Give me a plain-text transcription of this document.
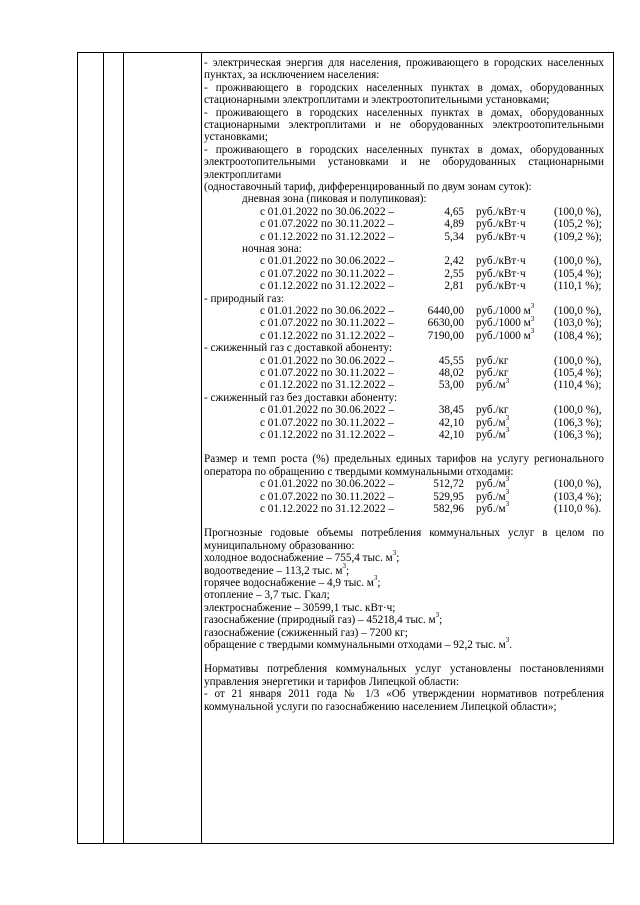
- электрическая энергия для населения, проживающего в городских населенных пунктах, за исключением населения:

- проживающего в городских населенных пунктах в домах, оборудованных стационарными электроплитами и электроотопительными установками;

- проживающего в городских населенных пунктах в домах, оборудованных стационарными электроплитами и не оборудованных электроотопительными установками;

- проживающего в городских населенных пунктах в домах, оборудованных электроотопительными установками и не оборудованных стационарными электроплитами

(одноставочный тариф, дифференцированный по двум зонам суток):

дневная зона (пиковая и полупиковая):

с 01.01.2022 по 30.06.2022 –	4,65	руб./кВт·ч	(100,0 %),
с 01.07.2022 по 30.11.2022 –	4,89	руб./кВт·ч	(105,2 %);
с 01.12.2022 по 31.12.2022 –	5,34	руб./кВт·ч	(109,2 %);

ночная зона:

с 01.01.2022 по 30.06.2022 –	2,42	руб./кВт·ч	(100,0 %),
с 01.07.2022 по 30.11.2022 –	2,55	руб./кВт·ч	(105,4 %);
с 01.12.2022 по 31.12.2022 –	2,81	руб./кВт·ч	(110,1 %);

- природный газ:

с 01.01.2022 по 30.06.2022 –	6440,00	руб./1000 $м^3$	(100,0 %),
с 01.07.2022 по 30.11.2022 –	6630,00	руб./1000 $м^3$	(103,0 %);
с 01.12.2022 по 31.12.2022 –	7190,00	руб./1000 $м^3$	(108,4 %);

- сжиженный газ с доставкой абоненту:

с 01.01.2022 по 30.06.2022 –	45,55	руб./кг	(100,0 %),
с 01.07.2022 по 30.11.2022 –	48,02	руб./кг	(105,4 %);
с 01.12.2022 по 31.12.2022 –	53,00	$руб./м^3$	(110,4 %);

- сжиженный газ без доставки абоненту:

с 01.01.2022 по 30.06.2022 –	38,45	руб./кг	(100,0 %),
с 01.07.2022 по 30.11.2022 –	42,10	$руб./м^3$	(106,3 %);
с 01.12.2022 по 31.12.2022 –	42,10	$руб./м^3$	(106,3 %);

Размер и темп роста (%) предельных единых тарифов на услугу регионального оператора по обращению с твердыми коммунальными отходами:

с 01.01.2022 по 30.06.2022 –	512,72	$руб./м^3$	(100,0 %),
с 01.07.2022 по 30.11.2022 –	529,95	$руб./м^3$	(103,4 %);
с 01.12.2022 по 31.12.2022 –	582,96	$руб./м^3$	(110,0 %).

Прогнозные годовые объемы потребления коммунальных услуг в целом по муниципальному образованию:

холодное водоснабжение – 755,4 тыс. $м^3$;

водоотведение – 113,2 тыс. $м^3$;

горячее водоснабжение – 4,9 тыс. $м^3$;

отопление – 3,7 тыс. Гкал;

электроснабжение – 30599,1 тыс. кВт·ч;

газоснабжение (природный газ) – 45218,4 тыс. $м^3$;

газоснабжение (сжиженный газ) – 7200 кг;

обращение с твердыми коммунальными отходами – 92,2 тыс. $м^3$.

Нормативы потребления коммунальных услуг установлены постановлениями управления энергетики и тарифов Липецкой области:

- от 21 января 2011 года № 1/3 «Об утверждении нормативов потребления коммунальной услуги по газоснабжению населением Липецкой области»;
